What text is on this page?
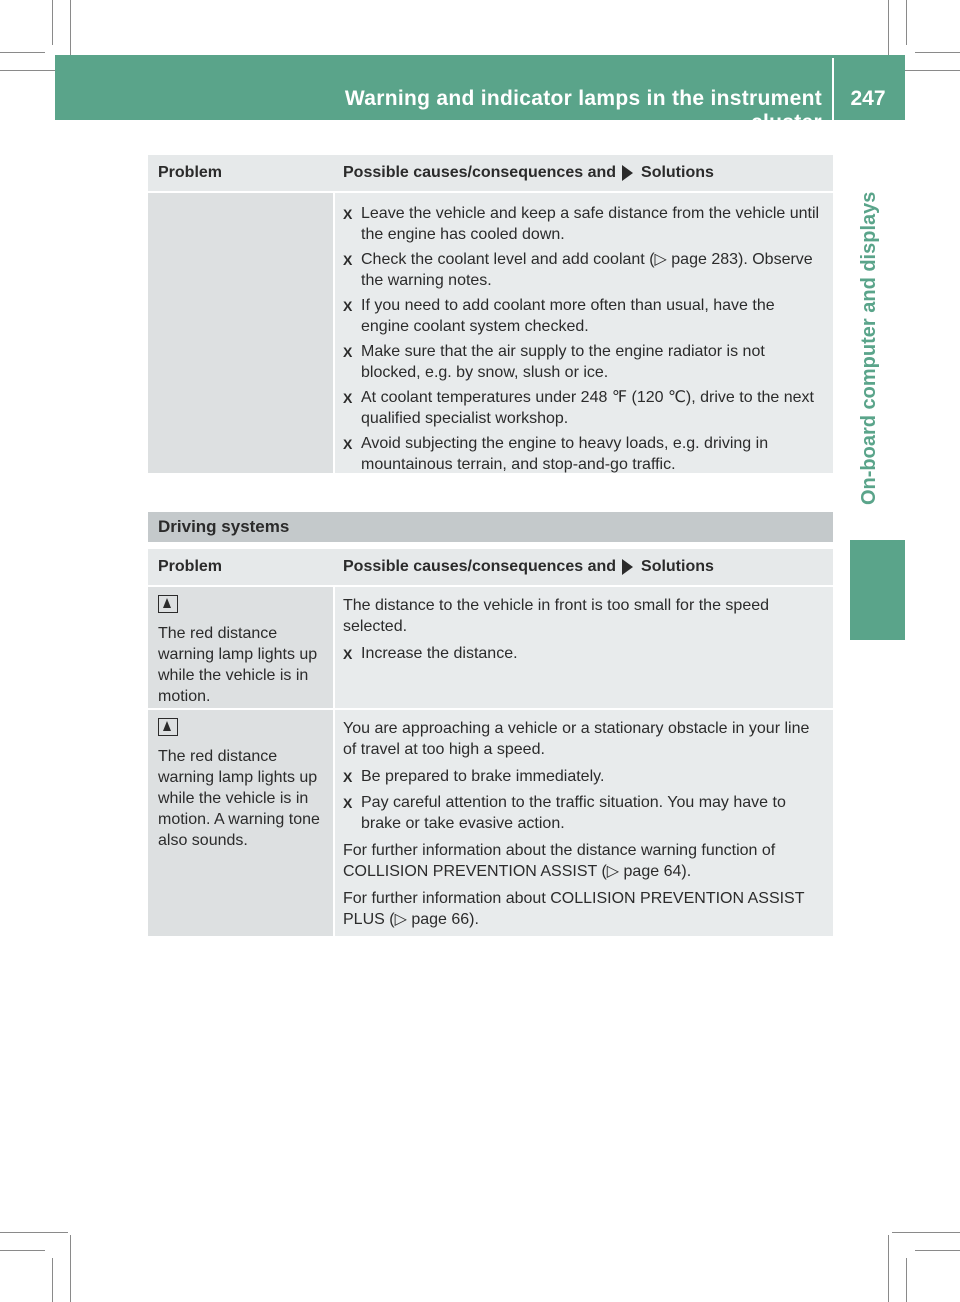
Warning and indicator lamps in the instrument cluster
247
On-board computer and displays
Problem	Possible causes/consequences and Solutions
X Leave the vehicle and keep a safe distance from the vehicle until the engine has cooled down.
X Check the coolant level and add coolant (▷ page 283). Observe the warning notes.
X If you need to add coolant more often than usual, have the engine coolant system checked.
X Make sure that the air supply to the engine radiator is not blocked, e.g. by snow, slush or ice.
X At coolant temperatures under 248 ℉ (120 ℃), drive to the next qualified specialist workshop.
X Avoid subjecting the engine to heavy loads, e.g. driving in mountainous terrain, and stop-and-go traffic.
Driving systems
Problem	Possible causes/consequences and Solutions
The red distance warning lamp lights up while the vehicle is in motion.
The distance to the vehicle in front is too small for the speed selected.
X Increase the distance.
The red distance warning lamp lights up while the vehicle is in motion. A warning tone also sounds.
You are approaching a vehicle or a stationary obstacle in your line of travel at too high a speed.
X Be prepared to brake immediately.
X Pay careful attention to the traffic situation. You may have to brake or take evasive action.
For further information about the distance warning function of COLLISION PREVENTION ASSIST (▷ page 64).
For further information about COLLISION PREVENTION ASSIST PLUS (▷ page 66).
